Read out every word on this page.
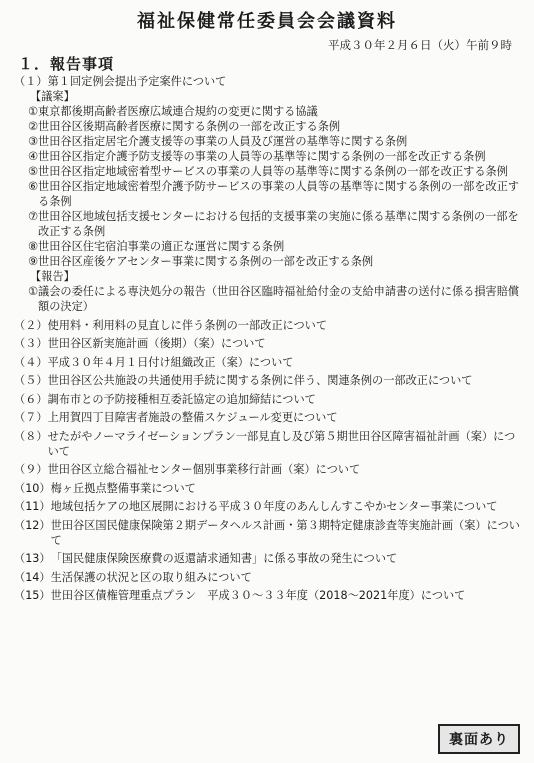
福祉保健常任委員会会議資料
平成３０年２月６日（火）午前９時
１．報告事項
（１） 第１回定例会提出予定案件について
【議案】
① 東京都後期高齢者医療広域連合規約の変更に関する協議
② 世田谷区後期高齢者医療に関する条例の一部を改正する条例
③ 世田谷区指定居宅介護支援等の事業の人員及び運営の基準等に関する条例
④ 世田谷区指定介護予防支援等の事業の人員等の基準等に関する条例の一部を改正する条例
⑤ 世田谷区指定地域密着型サービスの事業の人員等の基準等に関する条例の一部を改正する条例
⑥ 世田谷区指定地域密着型介護予防サービスの事業の人員等の基準等に関する条例の一部を改正する条例
⑦ 世田谷区地域包括支援センターにおける包括的支援事業の実施に係る基準に関する条例の一部を改正する条例
⑧ 世田谷区住宅宿泊事業の適正な運営に関する条例
⑨ 世田谷区産後ケアセンター事業に関する条例の一部を改正する条例
【報告】
① 議会の委任による専決処分の報告（世田谷区臨時福祉給付金の支給申請書の送付に係る損害賠償額の決定）
（２） 使用料・利用料の見直しに伴う条例の一部改正について
（３） 世田谷区新実施計画（後期）（案）について
（４） 平成３０年４月１日付け組織改正（案）について
（５） 世田谷区公共施設の共通使用手続に関する条例に伴う、関連条例の一部改正について
（６） 調布市との予防接種相互委託協定の追加締結について
（７） 上用賀四丁目障害者施設の整備スケジュール変更について
（８） せたがやノーマライゼーションプラン一部見直し及び第５期世田谷区障害福祉計画（案）について
（９） 世田谷区立総合福祉センター個別事業移行計画（案）について
（10） 梅ヶ丘拠点整備事業について
（11） 地域包括ケアの地区展開における平成３０年度のあんしんすこやかセンター事業について
（12） 世田谷区国民健康保険第２期データヘルス計画・第３期特定健康診査等実施計画（案）について
（13） 「国民健康保険医療費の返還請求通知書」に係る事故の発生について
（14） 生活保護の状況と区の取り組みについて
（15） 世田谷区債権管理重点プラン　平成３０～３３年度（2018～2021年度）について
裏面あり
